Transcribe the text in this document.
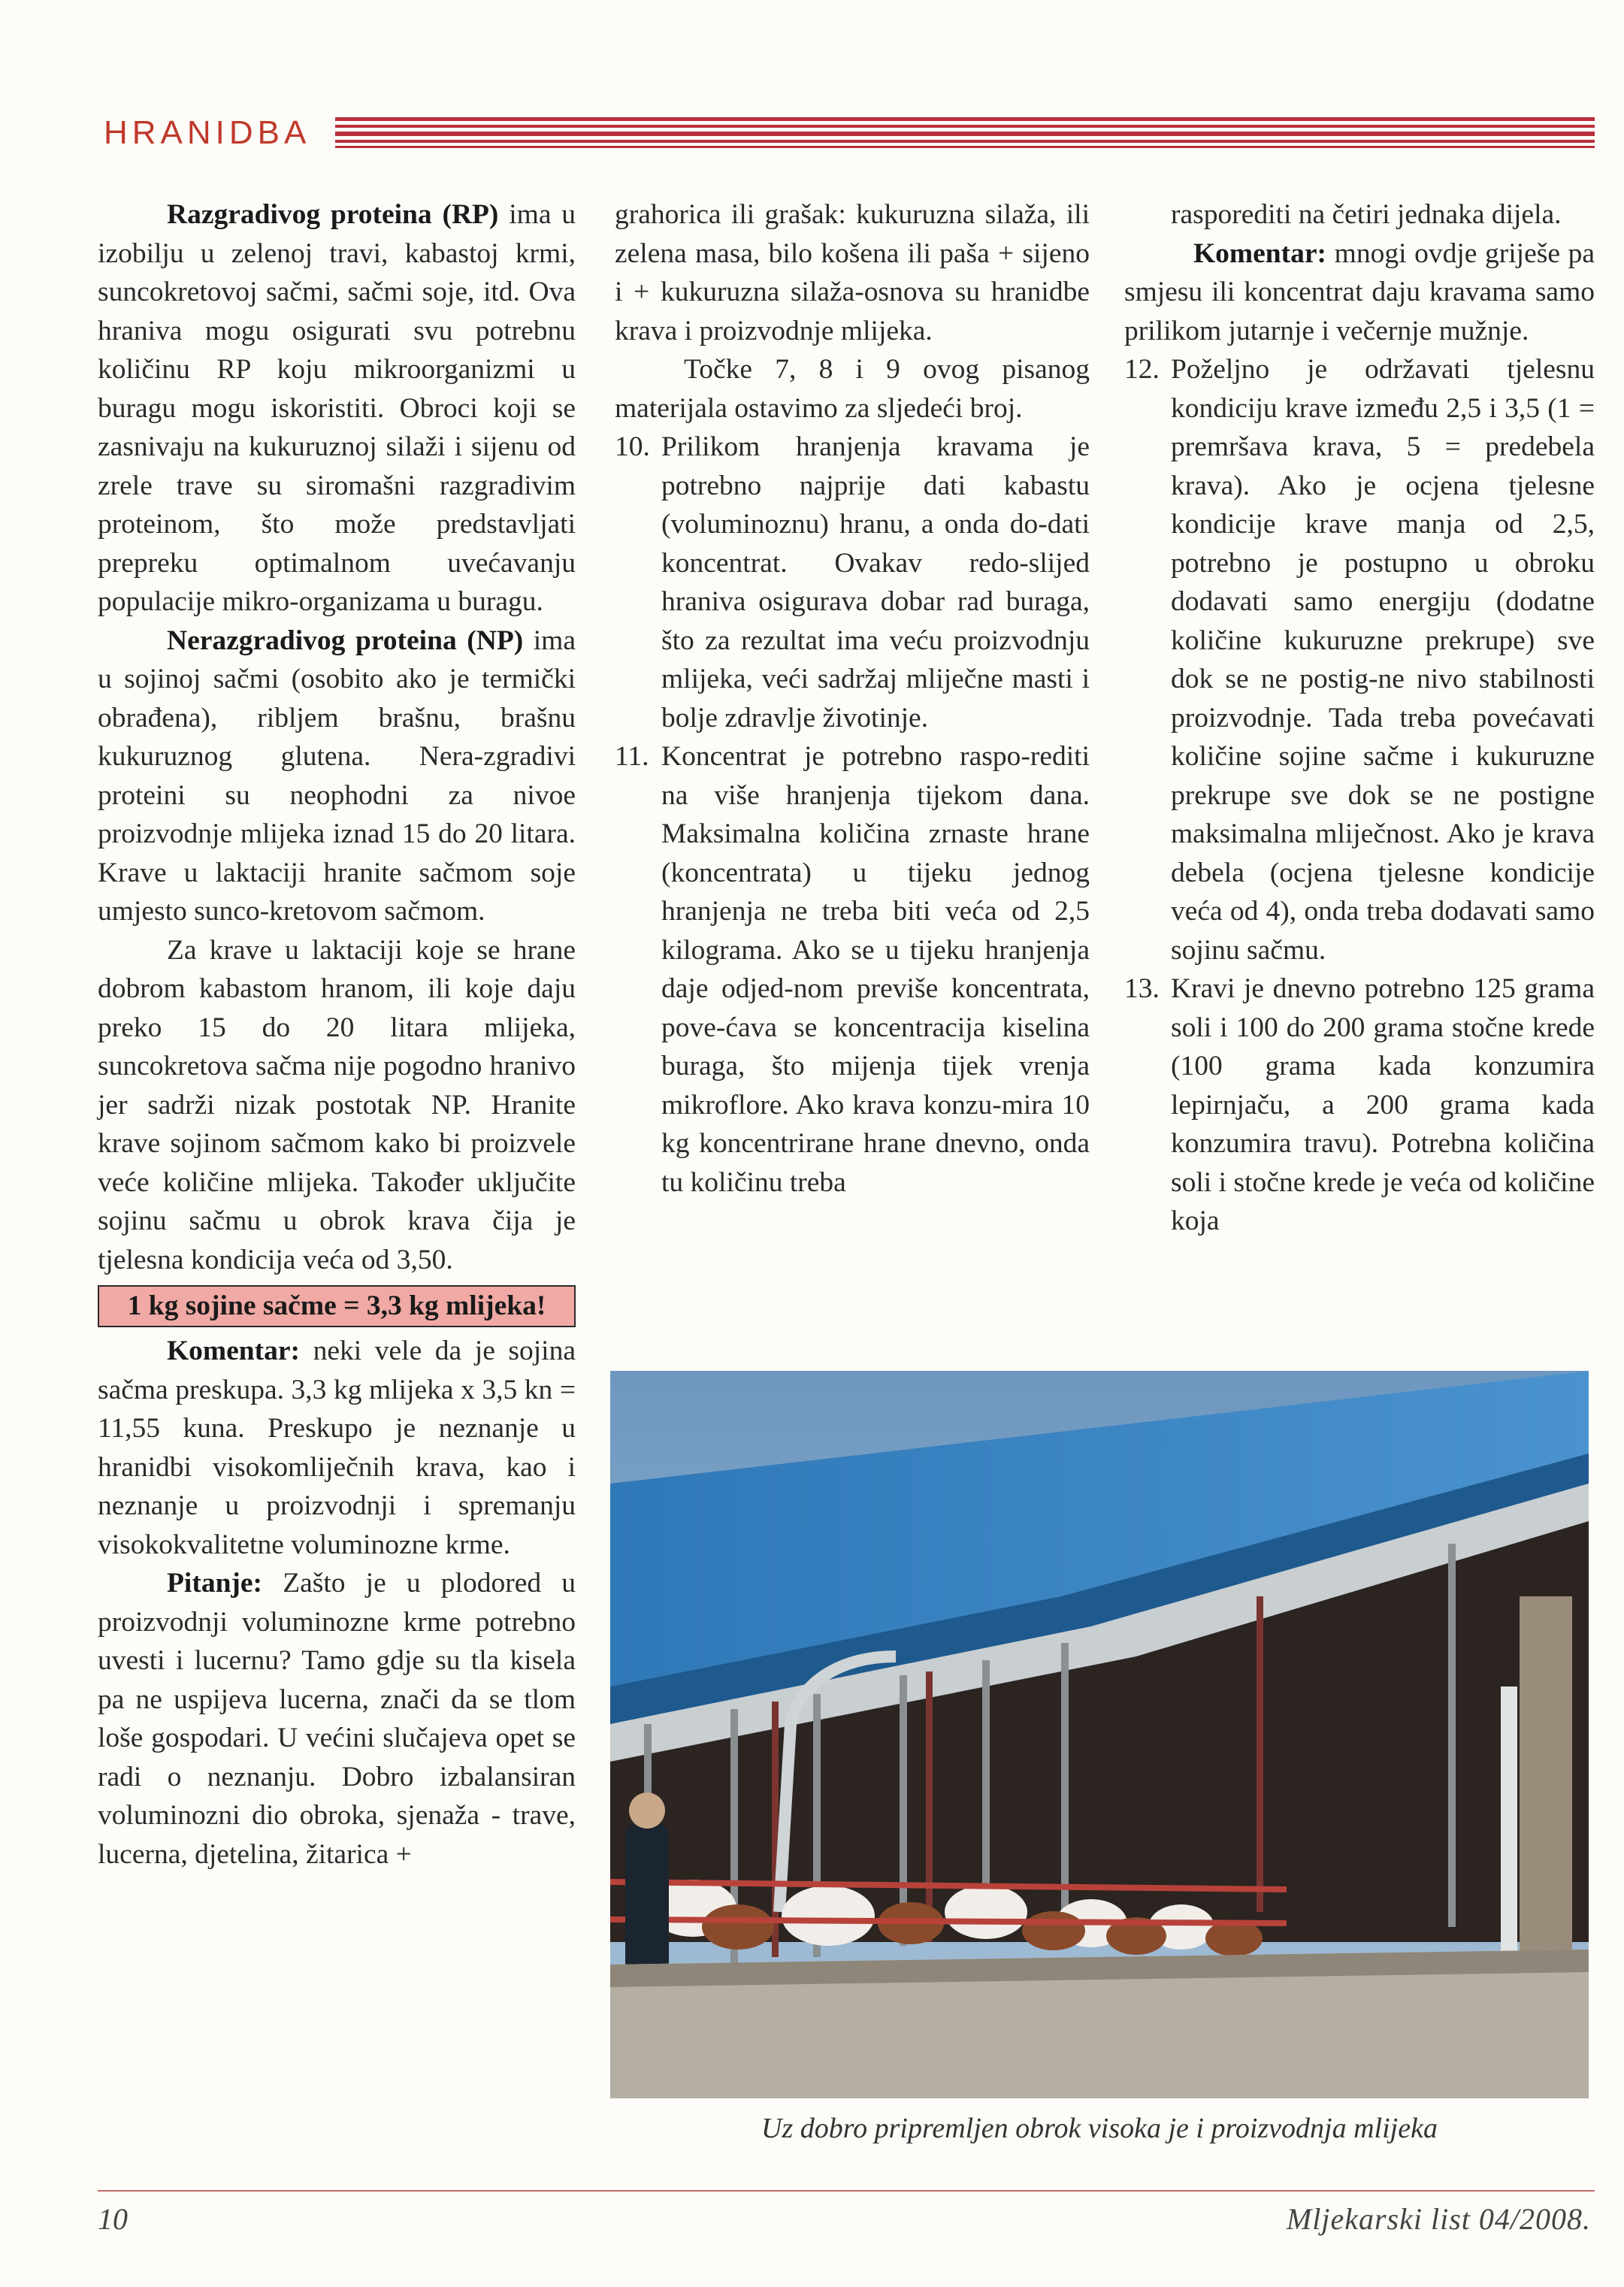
HRANIDBA

Razgradivog proteina (RP) ima u izobilju u zelenoj travi, kabastoj krmi, suncokretovoj sačmi, sačmi soje, itd. Ova hraniva mogu osigurati svu potrebnu količinu RP koju mikroorganizmi u buragu mogu iskoristiti. Obroci koji se zasnivaju na kukuruznoj silaži i sijenu od zrele trave su siromašni razgradivim proteinom, što može predstavljati prepreku optimalnom uvećavanju populacije mikro-organizama u buragu.

Nerazgradivog proteina (NP) ima u sojinoj sačmi (osobito ako je termički obrađena), ribljem brašnu, brašnu kukuruznog glutena. Nera-zgradivi proteini su neophodni za nivoe proizvodnje mlijeka iznad 15 do 20 litara. Krave u laktaciji hranite sačmom soje umjesto sunco-kretovom sačmom.

Za krave u laktaciji koje se hrane dobrom kabastom hranom, ili koje daju preko 15 do 20 litara mlijeka, suncokretova sačma nije pogodno hranivo jer sadrži nizak postotak NP. Hranite krave sojinom sačmom kako bi proizvele veće količine mlijeka. Također uključite sojinu sačmu u obrok krava čija je tjelesna kondicija veća od 3,50.

1 kg sojine sačme = 3,3 kg mlijeka!

Komentar: neki vele da je sojina sačma preskupa. 3,3 kg mlijeka x 3,5 kn = 11,55 kuna. Preskupo je neznanje u hranidbi visokomliječnih krava, kao i neznanje u proizvodnji i spremanju visokokvalitetne voluminozne krme.

Pitanje: Zašto je u plodored u proizvodnji voluminozne krme potrebno uvesti i lucernu? Tamo gdje su tla kisela pa ne uspijeva lucerna, znači da se tlom loše gospodari. U većini slučajeva opet se radi o neznanju. Dobro izbalansiran voluminozni dio obroka, sjenaža - trave, lucerna, djetelina, žitarica +

grahorica ili grašak: kukuruzna silaža, ili zelena masa, bilo košena ili paša + sijeno i + kukuruzna silaža-osnova su hranidbe krava i proizvodnje mlijeka.

Točke 7, 8 i 9 ovog pisanog materijala ostavimo za sljedeći broj.

10. Prilikom hranjenja kravama je potrebno najprije dati kabastu (voluminoznu) hranu, a onda do-dati koncentrat. Ovakav redo-slijed hraniva osigurava dobar rad buraga, što za rezultat ima veću proizvodnju mlijeka, veći sadržaj mliječne masti i bolje zdravlje životinje.
11. Koncentrat je potrebno raspo-rediti na više hranjenja tijekom dana. Maksimalna količina zrnaste hrane (koncentrata) u tijeku jednog hranjenja ne treba biti veća od 2,5 kilograma. Ako se u tijeku hranjenja daje odjed-nom previše koncentrata, pove-ćava se koncentracija kiselina buraga, što mijenja tijek vrenja mikroflore. Ako krava konzu-mira 10 kg koncentrirane hrane dnevno, onda tu količinu treba

rasporediti na četiri jednaka dijela.

Komentar: mnogi ovdje griješe pa smjesu ili koncentrat daju kravama samo prilikom jutarnje i večernje mužnje.

12. Poželjno je održavati tjelesnu kondiciju krave između 2,5 i 3,5 (1 = premršava krava, 5 = predebela krava). Ako je ocjena tjelesne kondicije krave manja od 2,5, potrebno je postupno u obroku dodavati samo energiju (dodatne količine kukuruzne prekrupe) sve dok se ne postig-ne nivo stabilnosti proizvodnje. Tada treba povećavati količine sojine sačme i kukuruzne prekrupe sve dok se ne postigne maksimalna mliječnost. Ako je krava debela (ocjena tjelesne kondicije veća od 4), onda treba dodavati samo sojinu sačmu.
13. Kravi je dnevno potrebno 125 grama soli i 100 do 200 grama stočne krede (100 grama kada konzumira lepirnjaču, a 200 grama kada konzumira travu). Potrebna količina soli i stočne krede je veća od količine koja
Uz dobro pripremljen obrok visoka je i proizvodnja mlijeka
10	Mljekarski list 04/2008.
